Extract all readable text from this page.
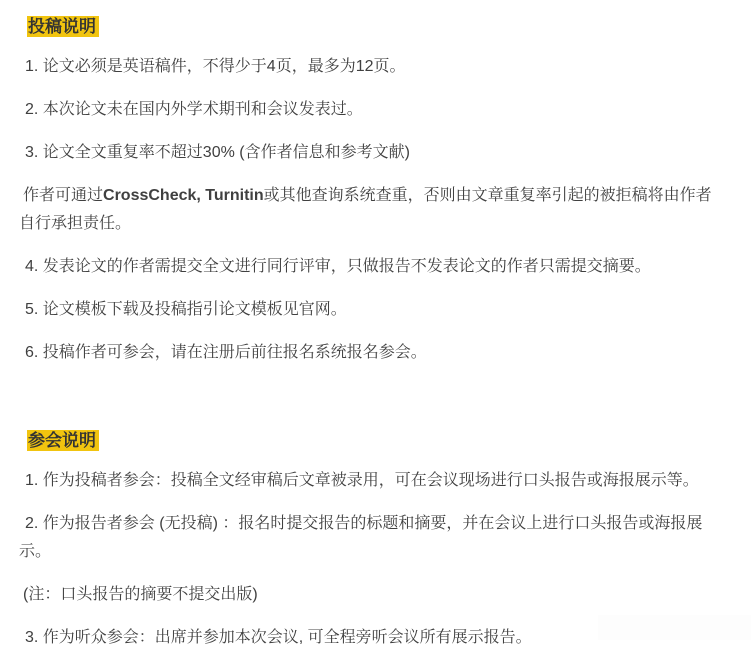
投稿说明

1. 论文必须是英语稿件，不得少于4页，最多为12页。

2. 本次论文未在国内外学术期刊和会议发表过。

3. 论文全文重复率不超过30% (含作者信息和参考文献)

作者可通过CrossCheck, Turnitin或其他查询系统查重，否则由文章重复率引起的被拒稿将由作者自行承担责任。

4. 发表论文的作者需提交全文进行同行评审，只做报告不发表论文的作者只需提交摘要。

5. 论文模板下载及投稿指引论文模板见官网。

6. 投稿作者可参会，请在注册后前往报名系统报名参会。

参会说明

1. 作为投稿者参会：投稿全文经审稿后文章被录用，可在会议现场进行口头报告或海报展示等。

2. 作为报告者参会 (无投稿) ：报名时提交报告的标题和摘要，并在会议上进行口头报告或海报展示。

(注：口头报告的摘要不提交出版)

3. 作为听众参会：出席并参加本次会议, 可全程旁听会议所有展示报告。
